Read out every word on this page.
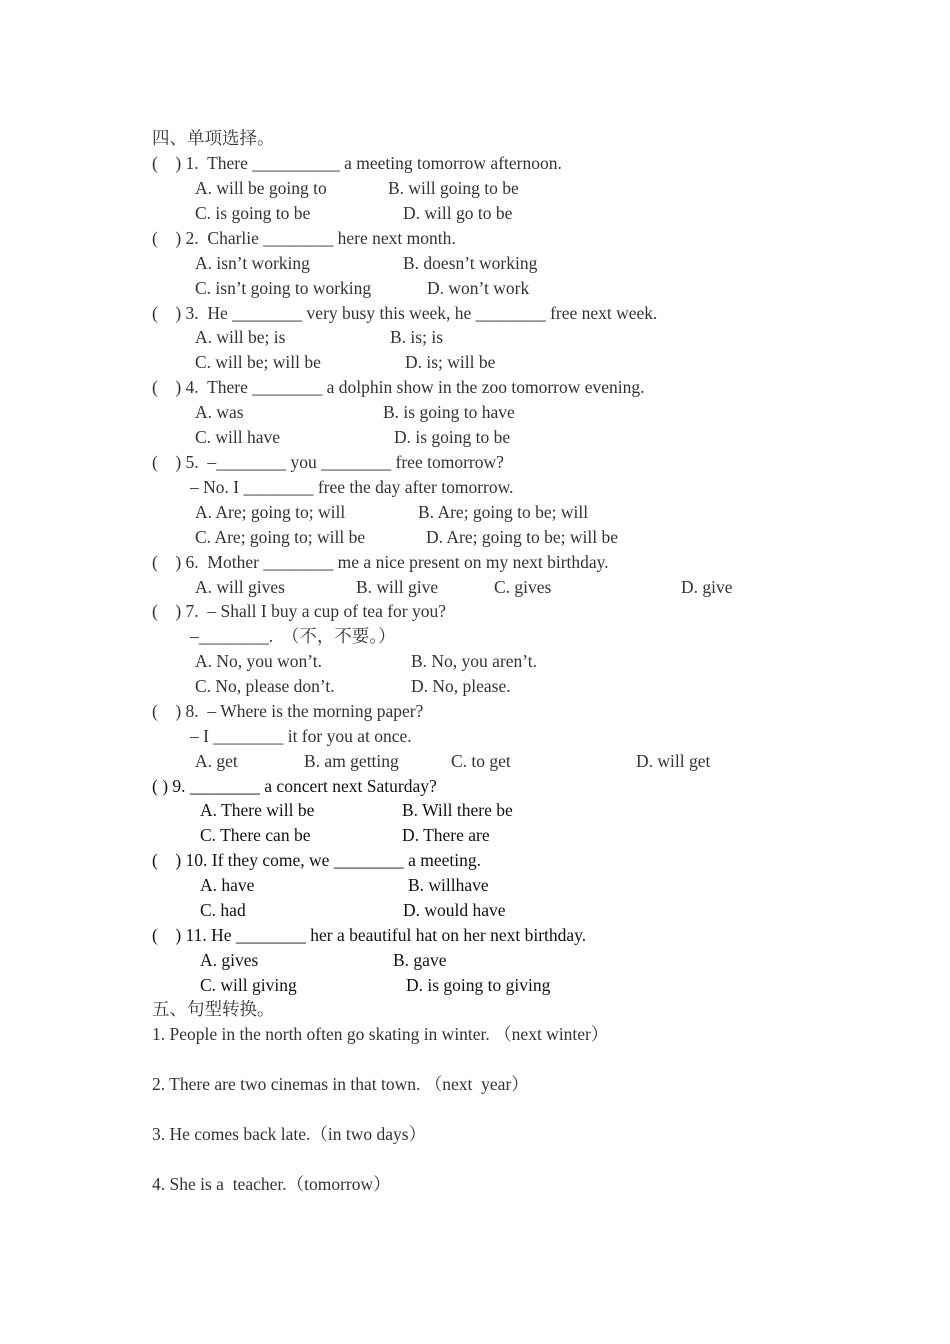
四、单项选择。
(    ) 1.  There __________ a meeting tomorrow afternoon.
A. will be going to	B. will going to be
C. is going to be	D. will go to be
(    ) 2.  Charlie ________ here next month.
A. isn’t working	B. doesn’t working
C. isn’t going to working	D. won’t work
(    ) 3.  He ________ very busy this week, he ________ free next week.
A. will be; is	B. is; is
C. will be; will be	D. is; will be
(    ) 4.  There ________ a dolphin show in the zoo tomorrow evening.
A. was	B. is going to have
C. will have	D. is going to be
(    ) 5.  –________ you ________ free tomorrow?
– No. I ________ free the day after tomorrow.
A. Are; going to; will	B. Are; going to be; will
C. Are; going to; will be	D. Are; going to be; will be
(    ) 6.  Mother ________ me a nice present on my next birthday.
A. will gives	B. will give	C. gives	D. give
(    ) 7.  – Shall I buy a cup of tea for you?
–________.  （不，不要。）
A. No, you won’t.	B. No, you aren’t.
C. No, please don’t.	D. No, please.
(    ) 8.  – Where is the morning paper?
– I ________ it for you at once.
A. get	B. am getting	C. to get	D. will get
( ) 9. ________ a concert next Saturday?
A. There will be	B. Will there be
C. There can be	D. There are
(    ) 10. If they come, we ________ a meeting.
A. have	B. willhave
C. had	D. would have
(    ) 11. He ________ her a beautiful hat on her next birthday.
A. gives	B. gave
C. will giving	D. is going to giving
五、句型转换。
1. People in the north often go skating in winter. （next winter）
2. There are two cinemas in that town. （next  year）
3. He comes back late.（in two days）
4. She is a  teacher.（tomorrow）
